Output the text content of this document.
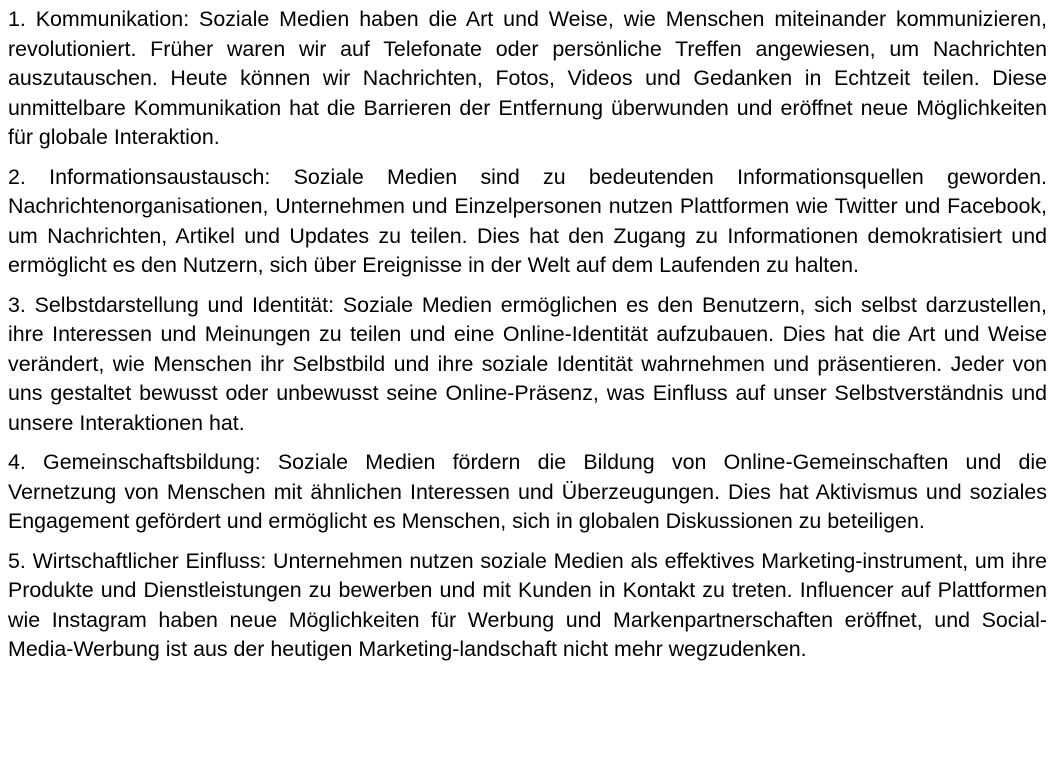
1. Kommunikation: Soziale Medien haben die Art und Weise, wie Menschen miteinander kommunizieren, revolutioniert. Früher waren wir auf Telefonate oder persönliche Treffen angewiesen, um Nachrichten auszutauschen. Heute können wir Nachrichten, Fotos, Videos und Gedanken in Echtzeit teilen. Diese unmittelbare Kommunikation hat die Barrieren der Entfernung überwunden und eröffnet neue Möglichkeiten für globale Interaktion.

2. Informationsaustausch: Soziale Medien sind zu bedeutenden Informationsquellen geworden. Nachrichtenorganisationen, Unternehmen und Einzelpersonen nutzen Plattformen wie Twitter und Facebook, um Nachrichten, Artikel und Updates zu teilen. Dies hat den Zugang zu Informationen demokratisiert und ermöglicht es den Nutzern, sich über Ereignisse in der Welt auf dem Laufenden zu halten.

3. Selbstdarstellung und Identität: Soziale Medien ermöglichen es den Benutzern, sich selbst darzustellen, ihre Interessen und Meinungen zu teilen und eine Online-Identität aufzubauen. Dies hat die Art und Weise verändert, wie Menschen ihr Selbstbild und ihre soziale Identität wahrnehmen und präsentieren. Jeder von uns gestaltet bewusst oder unbewusst seine Online-Präsenz, was Einfluss auf unser Selbstverständnis und unsere Interaktionen hat.

4. Gemeinschaftsbildung: Soziale Medien fördern die Bildung von Online-Gemeinschaften und die Vernetzung von Menschen mit ähnlichen Interessen und Überzeugungen. Dies hat Aktivismus und soziales Engagement gefördert und ermöglicht es Menschen, sich in globalen Diskussionen zu beteiligen.

5. Wirtschaftlicher Einfluss: Unternehmen nutzen soziale Medien als effektives Marketing-instrument, um ihre Produkte und Dienstleistungen zu bewerben und mit Kunden in Kontakt zu treten. Influencer auf Plattformen wie Instagram haben neue Möglichkeiten für Werbung und Markenpartnerschaften eröffnet, und Social-Media-Werbung ist aus der heutigen Marketing-landschaft nicht mehr wegzudenken.
